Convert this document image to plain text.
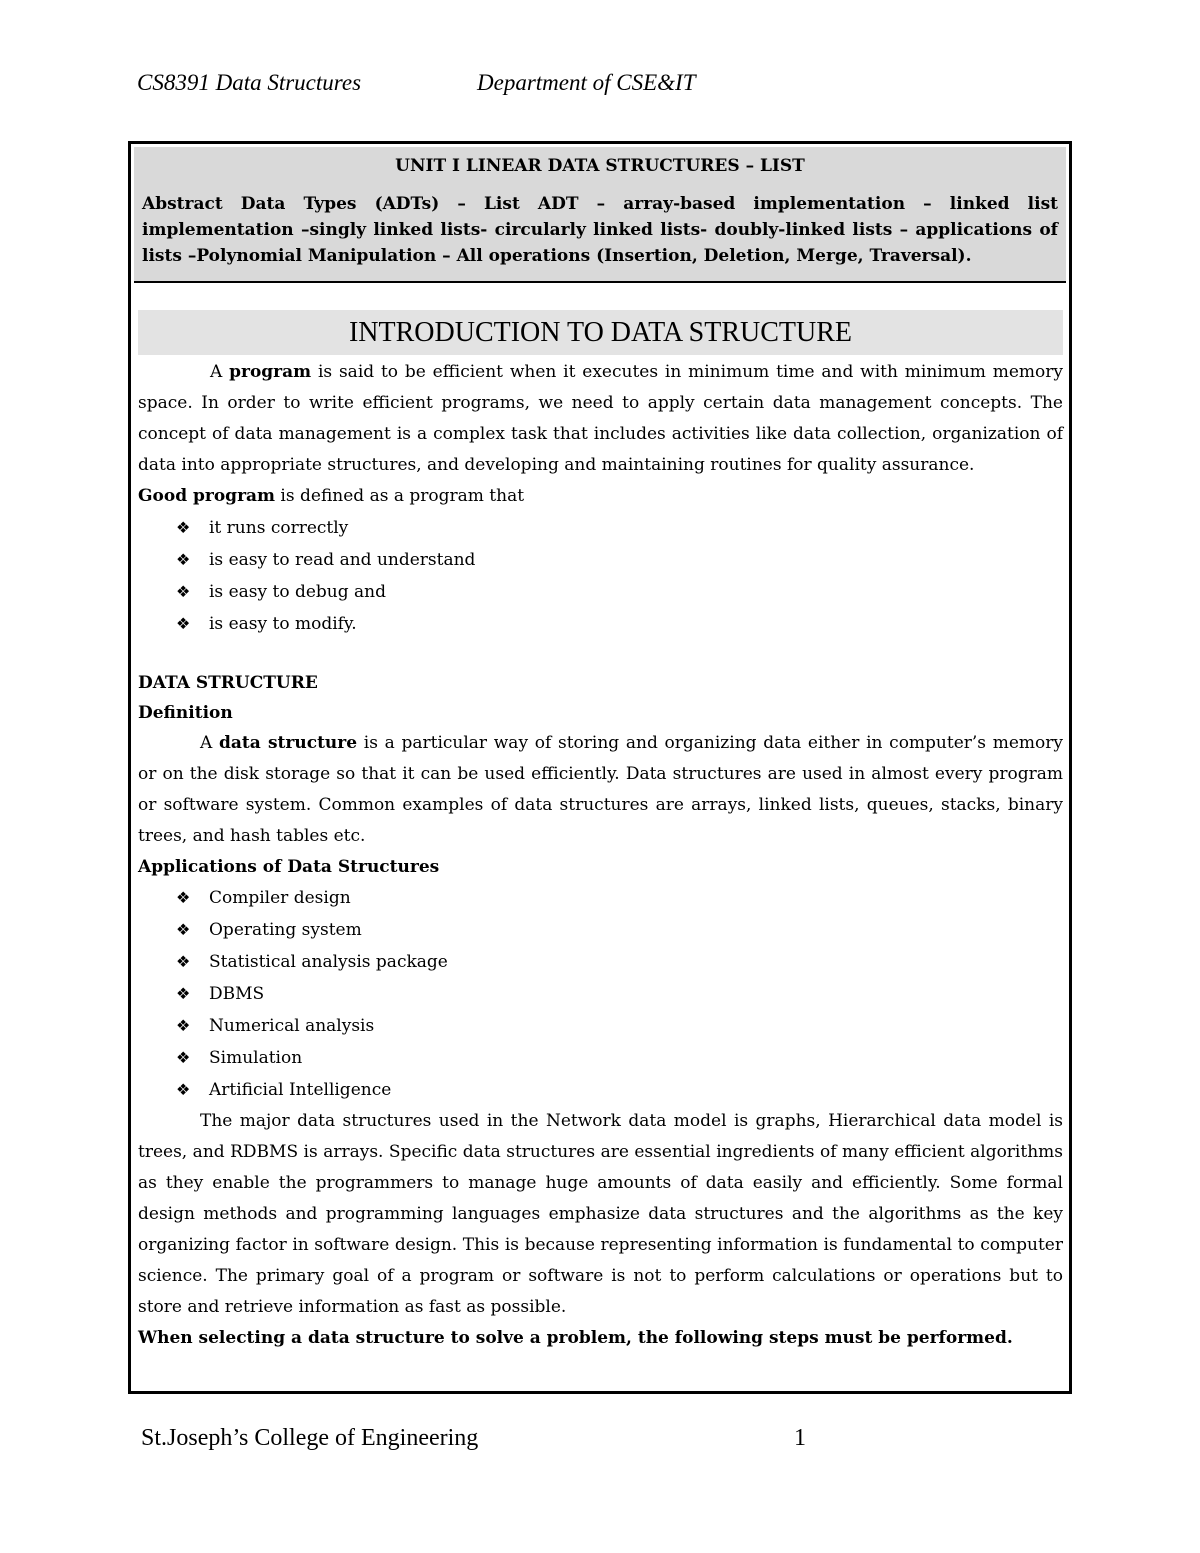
CS8391 Data Structures	Department of CSE&IT

UNIT I LINEAR DATA STRUCTURES – LIST

Abstract Data Types (ADTs) – List ADT – array-based implementation – linked list implementation –singly linked lists- circularly linked lists- doubly-linked lists – applications of lists –Polynomial Manipulation – All operations (Insertion, Deletion, Merge, Traversal).

INTRODUCTION TO DATA STRUCTURE

A program is said to be efficient when it executes in minimum time and with minimum memory space. In order to write efficient programs, we need to apply certain data management concepts. The concept of data management is a complex task that includes activities like data collection, organization of data into appropriate structures, and developing and maintaining routines for quality assurance.

Good program is defined as a program that

❖ it runs correctly
❖ is easy to read and understand
❖ is easy to debug and
❖ is easy to modify.

DATA STRUCTURE

Definition

A data structure is a particular way of storing and organizing data either in computer’s memory or on the disk storage so that it can be used efficiently. Data structures are used in almost every program or software system. Common examples of data structures are arrays, linked lists, queues, stacks, binary trees, and hash tables etc.

Applications of Data Structures

❖ Compiler design
❖ Operating system
❖ Statistical analysis package
❖ DBMS
❖ Numerical analysis
❖ Simulation
❖ Artificial Intelligence

The major data structures used in the Network data model is graphs, Hierarchical data model is trees, and RDBMS is arrays. Specific data structures are essential ingredients of many efficient algorithms as they enable the programmers to manage huge amounts of data easily and efficiently. Some formal design methods and programming languages emphasize data structures and the algorithms as the key organizing factor in software design. This is because representing information is fundamental to computer science. The primary goal of a program or software is not to perform calculations or operations but to store and retrieve information as fast as possible.

When selecting a data structure to solve a problem, the following steps must be performed.

St.Joseph’s College of Engineering	1
